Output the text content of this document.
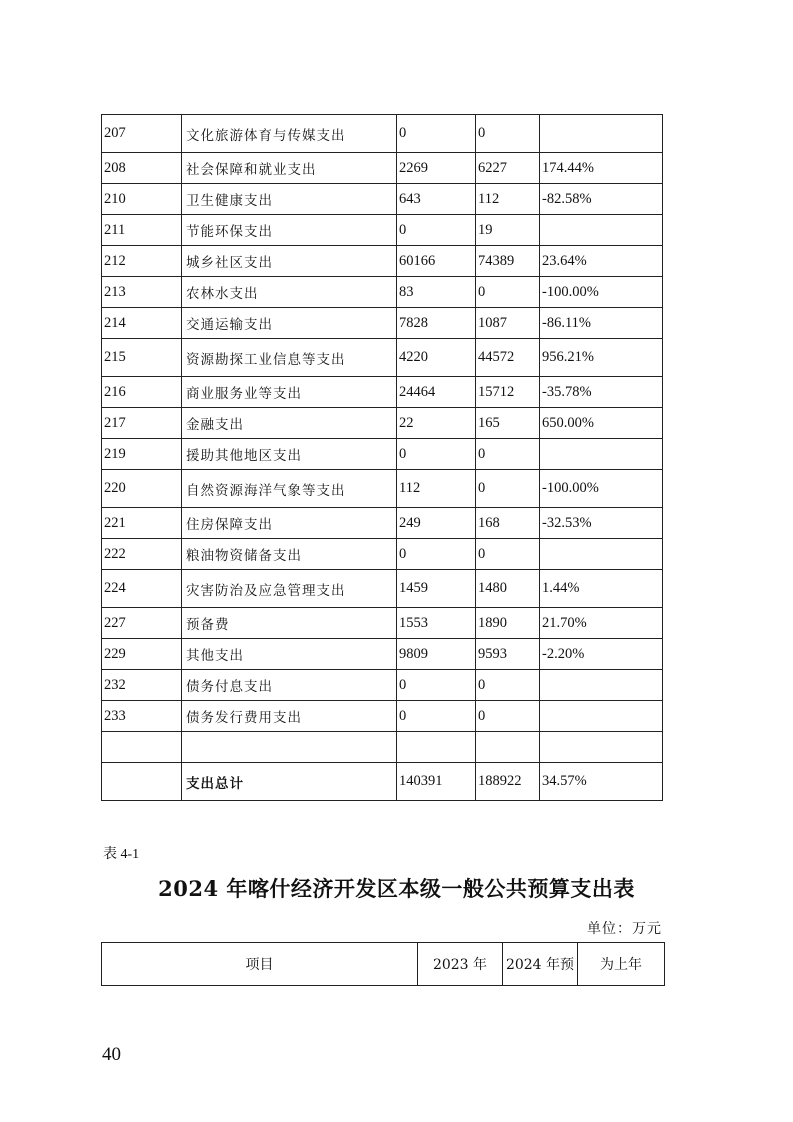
207	文化旅游体育与传媒支出	0	0	
208	社会保障和就业支出	2269	6227	174.44%
210	卫生健康支出	643	112	-82.58%
211	节能环保支出	0	19	
212	城乡社区支出	60166	74389	23.64%
213	农林水支出	83	0	-100.00%
214	交通运输支出	7828	1087	-86.11%
215	资源勘探工业信息等支出	4220	44572	956.21%
216	商业服务业等支出	24464	15712	-35.78%
217	金融支出	22	165	650.00%
219	援助其他地区支出	0	0	
220	自然资源海洋气象等支出	112	0	-100.00%
221	住房保障支出	249	168	-32.53%
222	粮油物资储备支出	0	0	
224	灾害防治及应急管理支出	1459	1480	1.44%
227	预备费	1553	1890	21.70%
229	其他支出	9809	9593	-2.20%
232	债务付息支出	0	0	
233	债务发行费用支出	0	0	

	支出总计	140391	188922	34.57%
表 4-1
2024 年喀什经济开发区本级一般公共预算支出表
单位：万元
项目	2023 年	2024 年预	为上年
40
